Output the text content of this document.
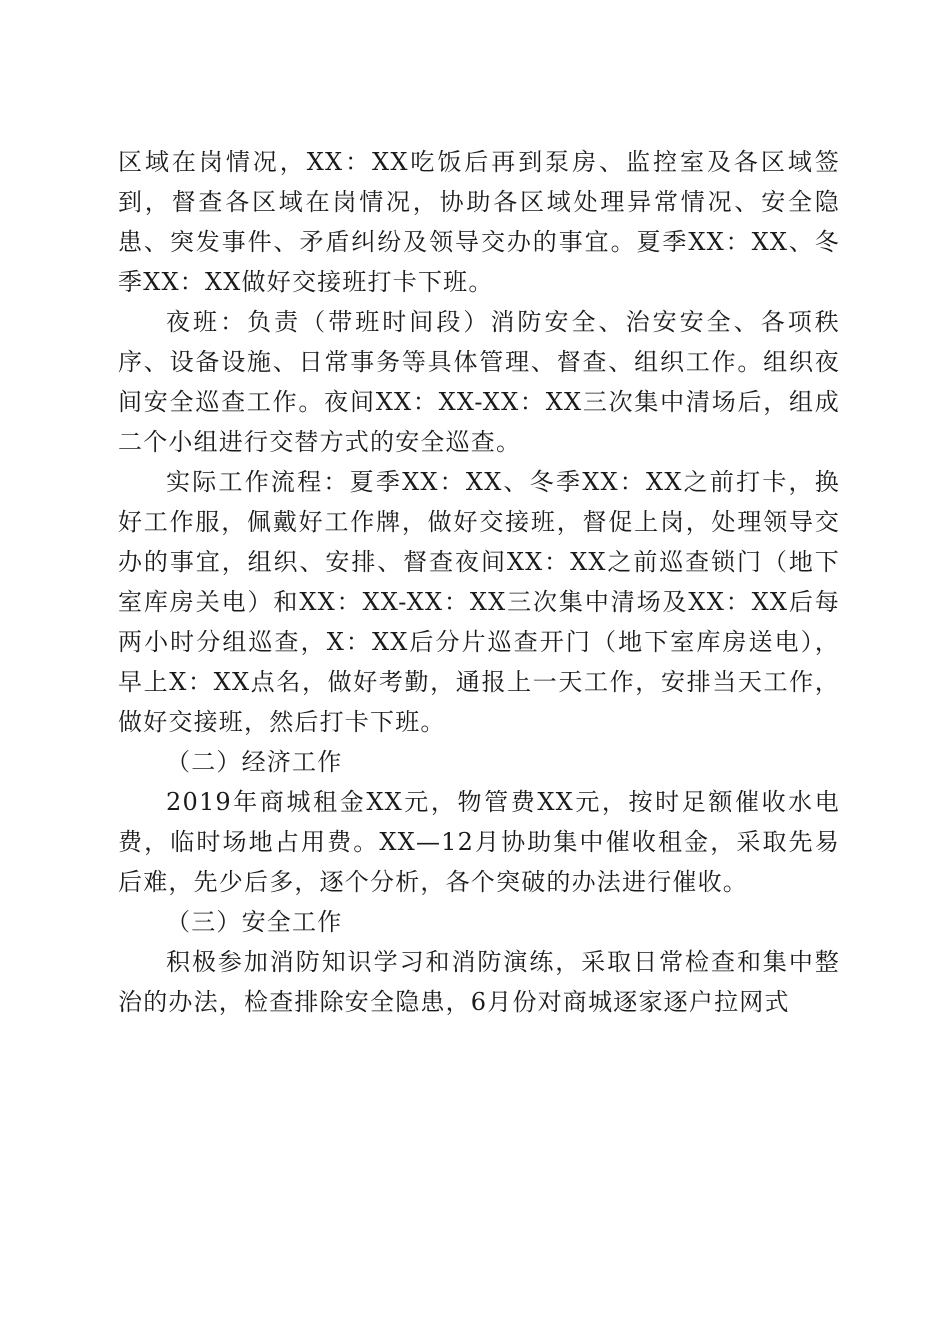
区域在岗情况，XX：XX吃饭后再到泵房、监控室及各区域签到，督查各区域在岗情况，协助各区域处理异常情况、安全隐患、突发事件、矛盾纠纷及领导交办的事宜。夏季XX：XX、冬季XX：XX做好交接班打卡下班。

夜班：负责（带班时间段）消防安全、治安安全、各项秩序、设备设施、日常事务等具体管理、督查、组织工作。组织夜间安全巡查工作。夜间XX：XX-XX：XX三次集中清场后，组成二个小组进行交替方式的安全巡查。

实际工作流程：夏季XX：XX、冬季XX：XX之前打卡，换好工作服，佩戴好工作牌，做好交接班，督促上岗，处理领导交办的事宜，组织、安排、督查夜间XX：XX之前巡查锁门（地下室库房关电）和XX：XX-XX：XX三次集中清场及XX：XX后每两小时分组巡查，X：XX后分片巡查开门（地下室库房送电），早上X：XX点名，做好考勤，通报上一天工作，安排当天工作，做好交接班，然后打卡下班。

（二）经济工作

2019年商城租金XX元，物管费XX元，按时足额催收水电费，临时场地占用费。XX—12月协助集中催收租金，采取先易后难，先少后多，逐个分析，各个突破的办法进行催收。

（三）安全工作

积极参加消防知识学习和消防演练，采取日常检查和集中整治的办法，检查排除安全隐患，6月份对商城逐家逐户拉网式
